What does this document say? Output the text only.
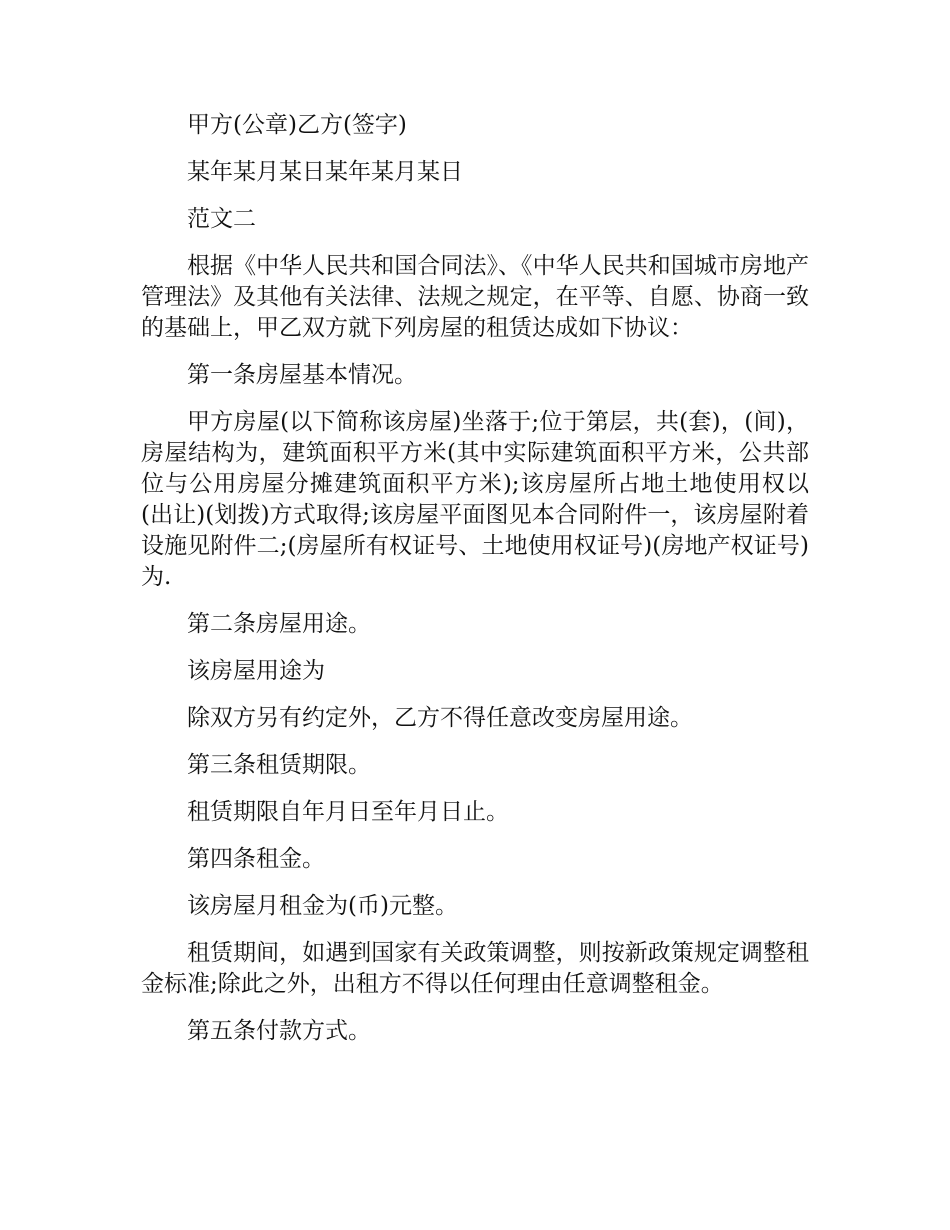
甲方(公章)乙方(签字)

某年某月某日某年某月某日

范文二

根据《中华人民共和国合同法》、《中华人民共和国城市房地产管理法》及其他有关法律、法规之规定，在平等、自愿、协商一致的基础上，甲乙双方就下列房屋的租赁达成如下协议：

第一条房屋基本情况。

甲方房屋(以下简称该房屋)坐落于;位于第层，共(套)，(间)，房屋结构为，建筑面积平方米(其中实际建筑面积平方米，公共部位与公用房屋分摊建筑面积平方米);该房屋所占地土地使用权以(出让)(划拨)方式取得;该房屋平面图见本合同附件一，该房屋附着设施见附件二;(房屋所有权证号、土地使用权证号)(房地产权证号)为.

第二条房屋用途。

该房屋用途为

除双方另有约定外，乙方不得任意改变房屋用途。

第三条租赁期限。

租赁期限自年月日至年月日止。

第四条租金。

该房屋月租金为(币)元整。

租赁期间，如遇到国家有关政策调整，则按新政策规定调整租金标准;除此之外，出租方不得以任何理由任意调整租金。

第五条付款方式。
